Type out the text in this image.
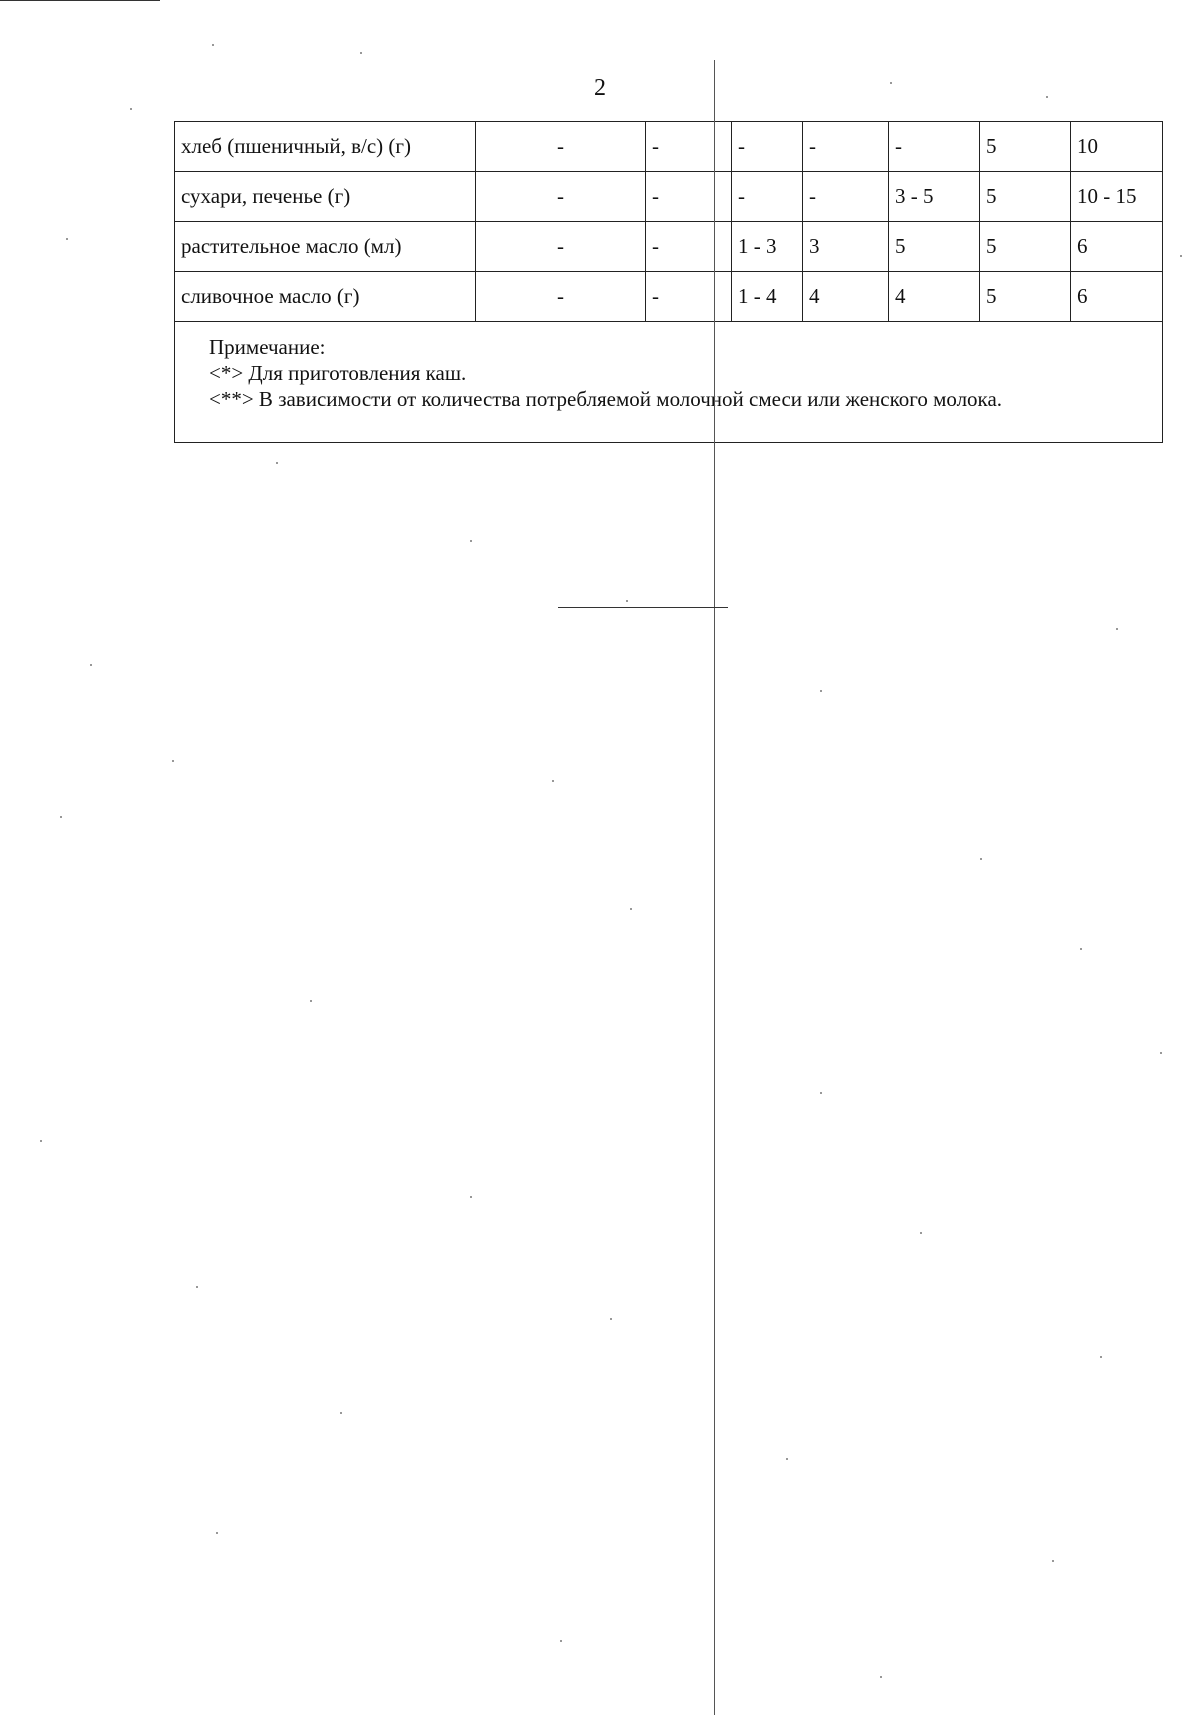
2
хлеб (пшеничный, в/с) (г)	-	-	-	-	-	5	10
сухари, печенье (г)	-	-	-	-	3 - 5	5	10 - 15
растительное масло (мл)	-	-	1 - 3	3	5	5	6
сливочное масло (г)	-	-	1 - 4	4	4	5	6

Примечание:
<*> Для приготовления каш.
<**> В зависимости от количества потребляемой молочной смеси или женского молока.							
